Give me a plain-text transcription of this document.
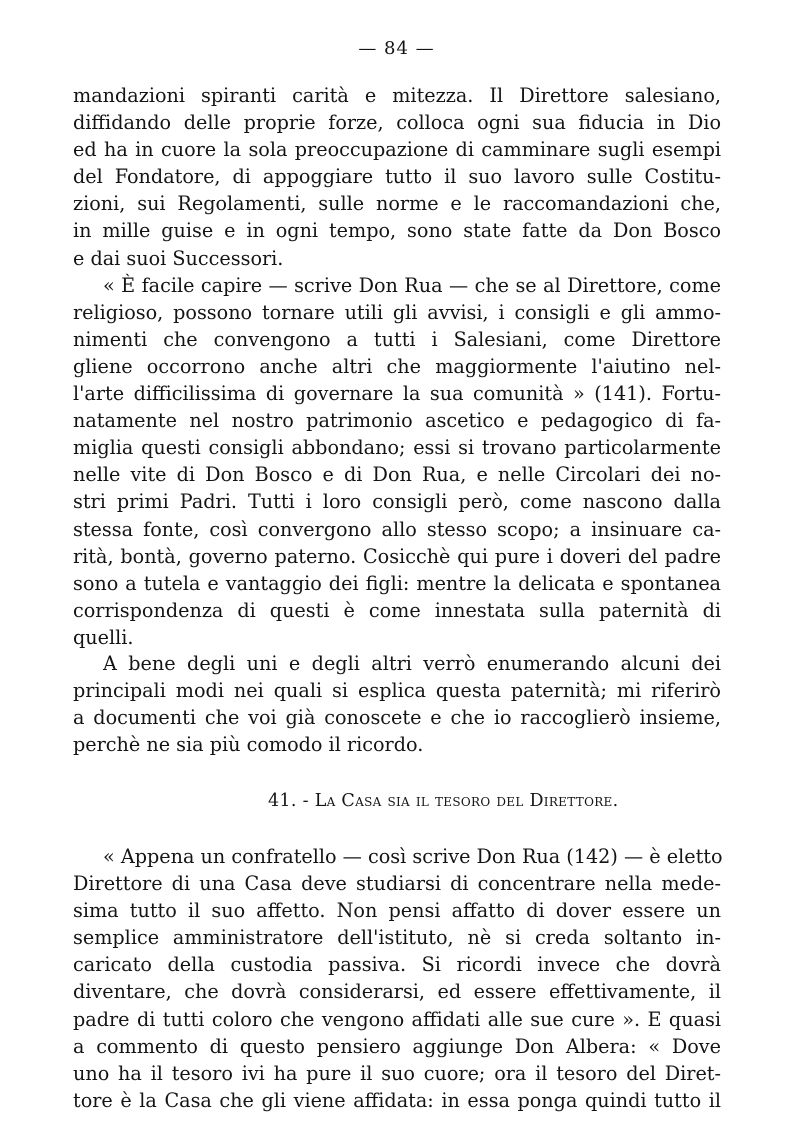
— 84 —
mandazioni spiranti carità e mitezza. Il Direttore salesiano,
diffidando delle proprie forze, colloca ogni sua fiducia in Dio
ed ha in cuore la sola preoccupazione di camminare sugli esempi
del Fondatore, di appoggiare tutto il suo lavoro sulle Costitu-
zioni, sui Regolamenti, sulle norme e le raccomandazioni che,
in mille guise e in ogni tempo, sono state fatte da Don Bosco
e dai suoi Successori.
« È facile capire — scrive Don Rua — che se al Direttore, come
religioso, possono tornare utili gli avvisi, i consigli e gli ammo-
nimenti che convengono a tutti i Salesiani, come Direttore
gliene occorrono anche altri che maggiormente l'aiutino nel-
l'arte difficilissima di governare la sua comunità » (141). Fortu-
natamente nel nostro patrimonio ascetico e pedagogico di fa-
miglia questi consigli abbondano; essi si trovano particolarmente
nelle vite di Don Bosco e di Don Rua, e nelle Circolari dei no-
stri primi Padri. Tutti i loro consigli però, come nascono dalla
stessa fonte, così convergono allo stesso scopo; a insinuare ca-
rità, bontà, governo paterno. Cosicchè qui pure i doveri del padre
sono a tutela e vantaggio dei figli: mentre la delicata e spontanea
corrispondenza di questi è come innestata sulla paternità di
quelli.
A bene degli uni e degli altri verrò enumerando alcuni dei
principali modi nei quali si esplica questa paternità; mi riferirò
a documenti che voi già conoscete e che io raccoglierò insieme,
perchè ne sia più comodo il ricordo.
41. - La Casa sia il tesoro del Direttore.
« Appena un confratello — così scrive Don Rua (142) — è eletto
Direttore di una Casa deve studiarsi di concentrare nella mede-
sima tutto il suo affetto. Non pensi affatto di dover essere un
semplice amministratore dell'istituto, nè si creda soltanto in-
caricato della custodia passiva. Si ricordi invece che dovrà
diventare, che dovrà considerarsi, ed essere effettivamente, il
padre di tutti coloro che vengono affidati alle sue cure ». E quasi
a commento di questo pensiero aggiunge Don Albera: « Dove
uno ha il tesoro ivi ha pure il suo cuore; ora il tesoro del Diret-
tore è la Casa che gli viene affidata: in essa ponga quindi tutto il
